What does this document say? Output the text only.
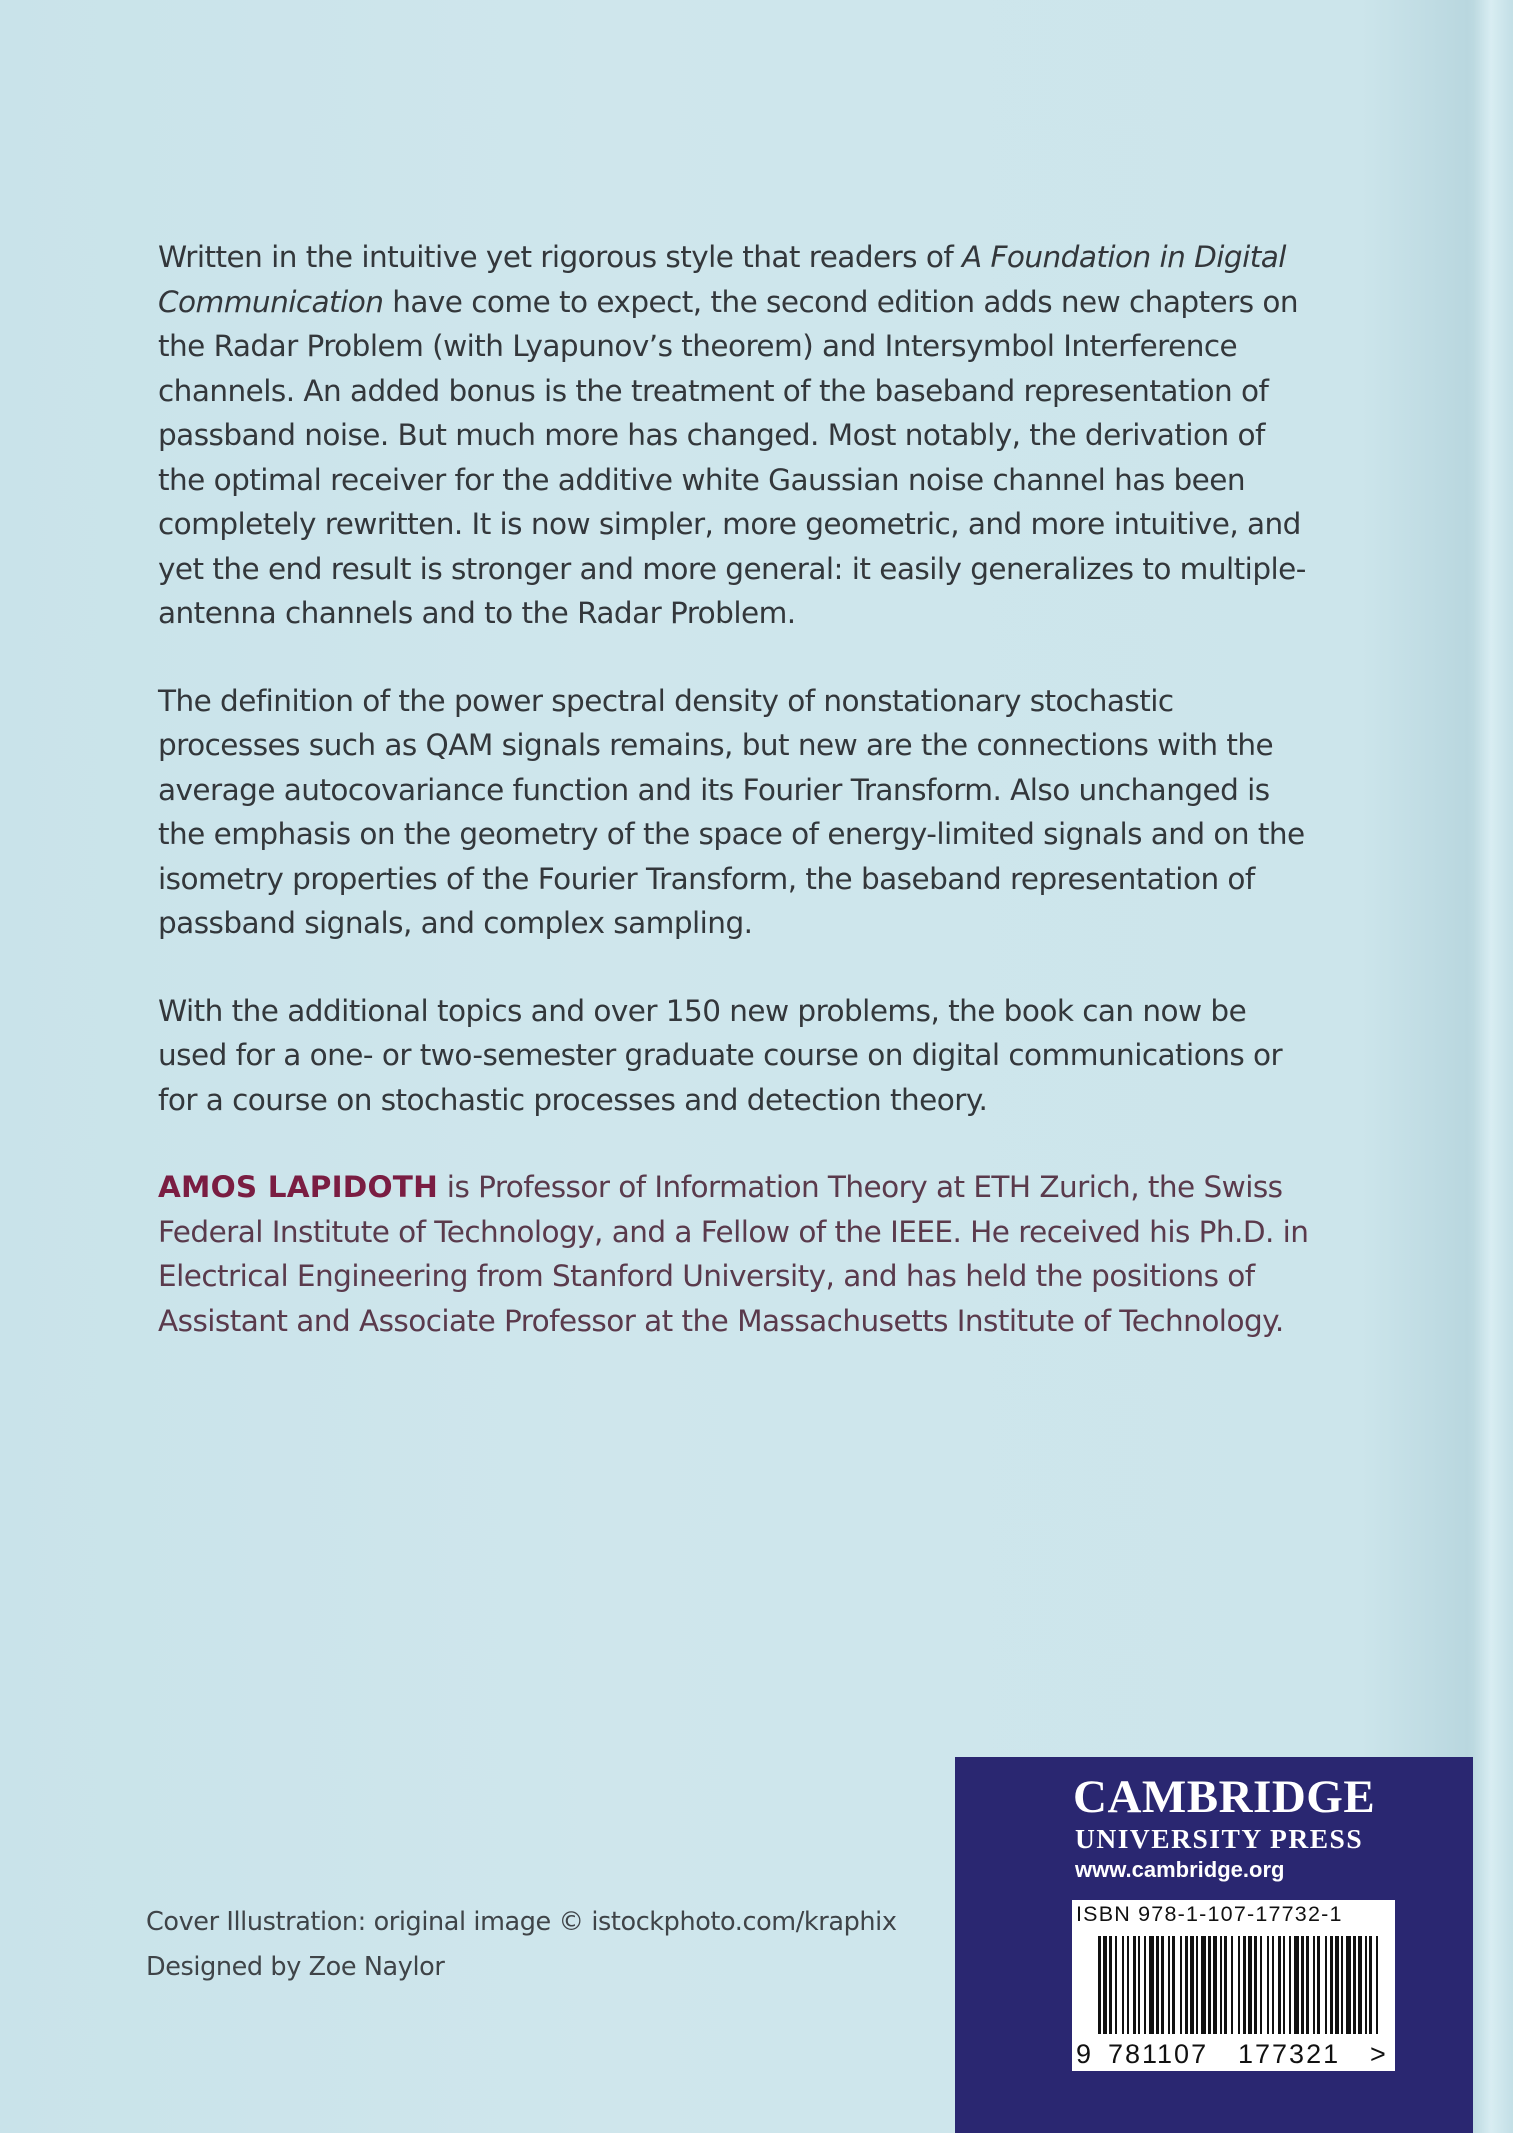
Written in the intuitive yet rigorous style that readers of A Foundation in Digital Communication have come to expect, the second edition adds new chapters on the Radar Problem (with Lyapunov’s theorem) and Intersymbol Interference channels. An added bonus is the treatment of the baseband representation of passband noise. But much more has changed. Most notably, the derivation of the optimal receiver for the additive white Gaussian noise channel has been completely rewritten. It is now simpler, more geometric, and more intuitive, and yet the end result is stronger and more general: it easily generalizes to multiple-antenna channels and to the Radar Problem.

The definition of the power spectral density of nonstationary stochastic processes such as QAM signals remains, but new are the connections with the average autocovariance function and its Fourier Transform. Also unchanged is the emphasis on the geometry of the space of energy-limited signals and on the isometry properties of the Fourier Transform, the baseband representation of passband signals, and complex sampling.

With the additional topics and over 150 new problems, the book can now be used for a one- or two-semester graduate course on digital communications or for a course on stochastic processes and detection theory.

AMOS LAPIDOTH is Professor of Information Theory at ETH Zurich, the Swiss Federal Institute of Technology, and a Fellow of the IEEE. He received his Ph.D. in Electrical Engineering from Stanford University, and has held the positions of Assistant and Associate Professor at the Massachusetts Institute of Technology.

Cover Illustration: original image © istockphoto.com/kraphix
Designed by Zoe Naylor
CAMBRIDGE
UNIVERSITY PRESS
www.cambridge.org
ISBN 978-1-107-17732-1
9 781107 177321 >
